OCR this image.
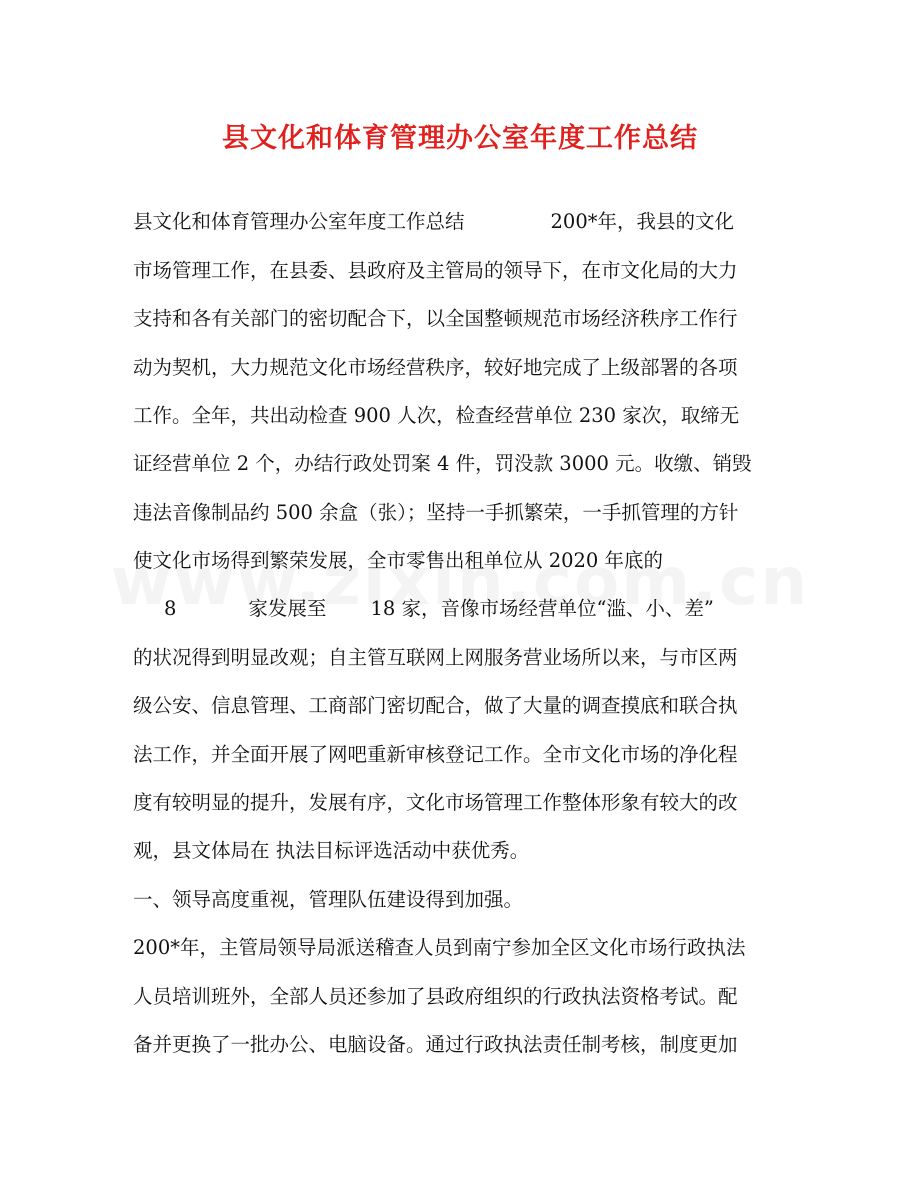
县文化和体育管理办公室年度工作总结

县文化和体育管理办公室年度工作总结	200*年，我县的文化

市场管理工作，在县委、县政府及主管局的领导下，在市文化局的大力

支持和各有关部门的密切配合下，以全国整顿规范市场经济秩序工作行

动为契机，大力规范文化市场经营秩序，较好地完成了上级部署的各项

工作。全年，共出动检查 900 人次，检查经营单位 230 家次，取缔无

证经营单位 2 个，办结行政处罚案 4 件，罚没款 3000 元。收缴、销毁

违法音像制品约 500 余盒（张）；坚持一手抓繁荣，一手抓管理的方针

使文化市场得到繁荣发展，全市零售出租单位从 2020 年底的

8	家发展至 18 家，音像市场经营单位“滥、小、差”

的状况得到明显改观；自主管互联网上网服务营业场所以来，与市区两

级公安、信息管理、工商部门密切配合，做了大量的调查摸底和联合执

法工作，并全面开展了网吧重新审核登记工作。全市文化市场的净化程

度有较明显的提升，发展有序，文化市场管理工作整体形象有较大的改

观，县文体局在 执法目标评选活动中获优秀。

一、领导高度重视，管理队伍建设得到加强。

200*年，主管局领导局派送稽查人员到南宁参加全区文化市场行政执法

人员培训班外，全部人员还参加了县政府组织的行政执法资格考试。配

备并更换了一批办公、电脑设备。通过行政执法责任制考核，制度更加
